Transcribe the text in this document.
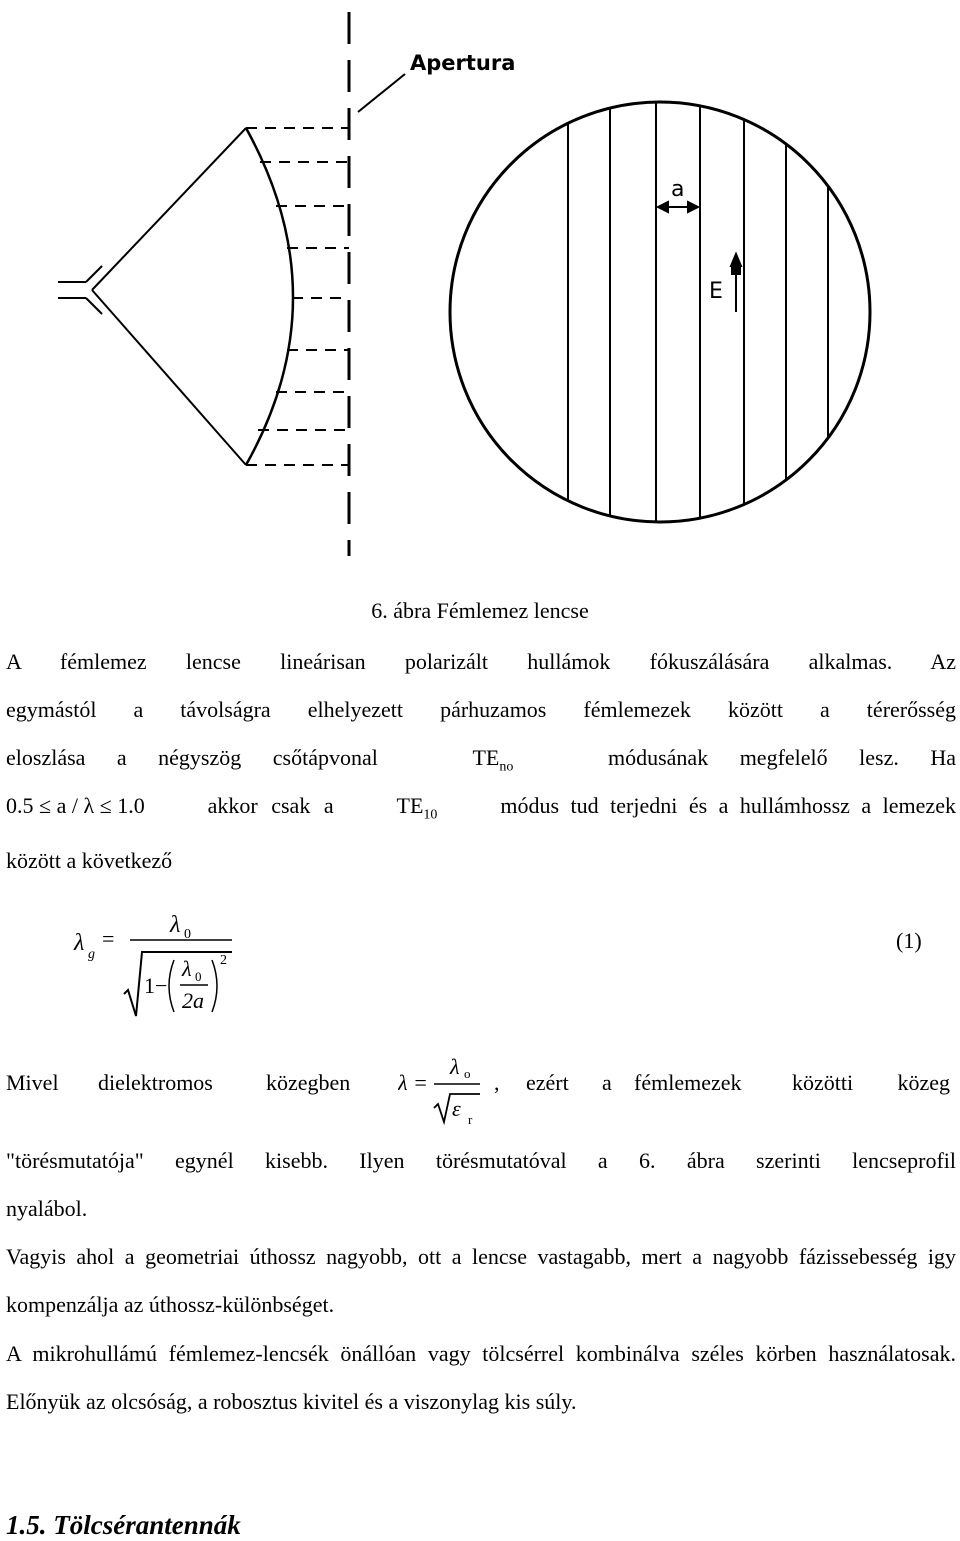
Apertura
a
E
6. ábra Fémlemez lencse
A fémlemez lencse lineárisan polarizált hullámok fókuszálására alkalmas. Az
egymástól a távolságra elhelyezett párhuzamos fémlemezek között a térerősség
eloszlása a négyszög csőtápvonal	$TE_{no}$	módusának megfelelő lesz. Ha
0.5 ≤ a / λ ≤ 1.0	akkor csak a	$TE_{10}$	módus tud terjedni és a hullámhossz a lemezek
között a következő
λ g
=
λ 0
1−
λ 0
2a
2
(1)
Mivel dielektromos közegben λ =
λ o
ε r
, ezért a fémlemezek közötti közeg
"törésmutatója" egynél kisebb. Ilyen törésmutatóval a 6. ábra szerinti lencseprofil
nyalábol.

Vagyis ahol a geometriai úthossz nagyobb, ott a lencse vastagabb, mert a nagyobb fázissebesség igy kompenzálja az úthossz-különbséget.

A mikrohullámú fémlemez-lencsék önállóan vagy tölcsérrel kombinálva széles körben használatosak. Előnyük az olcsóság, a robosztus kivitel és a viszonylag kis súly.

1.5. Tölcsérantennák
